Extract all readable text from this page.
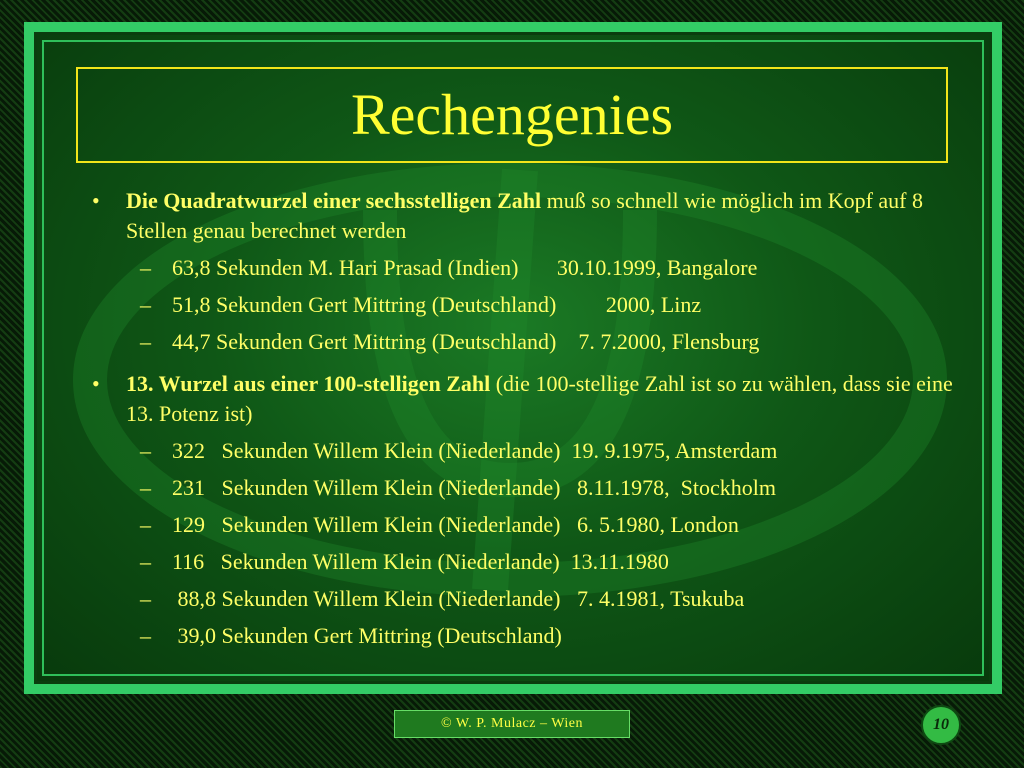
Rechengenies
•	Die Quadratwurzel einer sechsstelligen Zahl muß so schnell wie möglich im Kopf auf 8 Stellen genau berechnet werden
– 63,8 Sekunden M. Hari Prasad (Indien)       30.10.1999, Bangalore
– 51,8 Sekunden Gert Mittring (Deutschland)         2000, Linz
– 44,7 Sekunden Gert Mittring (Deutschland)    7. 7.2000, Flensburg
•	13. Wurzel aus einer 100-stelligen Zahl (die 100-stellige Zahl ist so zu wählen, dass sie eine 13. Potenz ist)
– 322   Sekunden Willem Klein (Niederlande)  19. 9.1975, Amsterdam
– 231   Sekunden Willem Klein (Niederlande)   8.11.1978,  Stockholm
– 129   Sekunden Willem Klein (Niederlande)   6. 5.1980, London
– 116   Sekunden Willem Klein (Niederlande)  13.11.1980
– 88,8 Sekunden Willem Klein (Niederlande)   7. 4.1981, Tsukuba
– 39,0 Sekunden Gert Mittring (Deutschland)
© W. P. Mulacz – Wien	10
